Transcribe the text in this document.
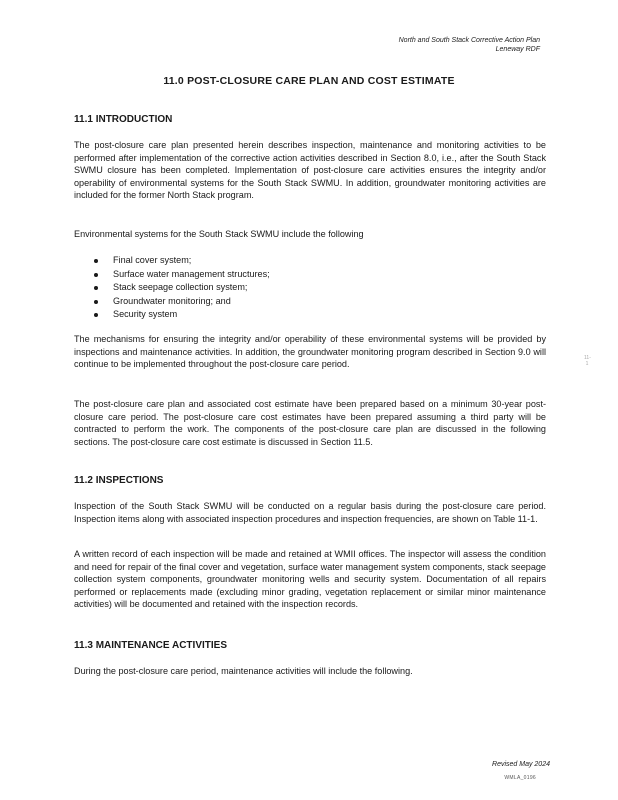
North and South Stack Corrective Action Plan
Leneway RDF
11.0 POST-CLOSURE CARE PLAN AND COST ESTIMATE
11.1 INTRODUCTION

The post-closure care plan presented herein describes inspection, maintenance and monitoring activities to be performed after implementation of the corrective action activities described in Section 8.0, i.e., after the South Stack SWMU closure has been completed. Implementation of post-closure care activities ensures the integrity and/or operability of environmental systems for the South Stack SWMU. In addition, groundwater monitoring activities are included for the former North Stack program.

Environmental systems for the South Stack SWMU include the following

Final cover system;
Surface water management structures;
Stack seepage collection system;
Groundwater monitoring; and
Security system

The mechanisms for ensuring the integrity and/or operability of these environmental systems will be provided by inspections and maintenance activities. In addition, the groundwater monitoring program described in Section 9.0 will continue to be implemented throughout the post-closure care period.

The post-closure care plan and associated cost estimate have been prepared based on a minimum 30-year post-closure care period. The post-closure care cost estimates have been prepared assuming a third party will be contracted to perform the work. The components of the post-closure care plan are discussed in the following sections. The post-closure care cost estimate is discussed in Section 11.5.

11-1
11.2 INSPECTIONS

Inspection of the South Stack SWMU will be conducted on a regular basis during the post-closure care period. Inspection items along with associated inspection procedures and inspection frequencies, are shown on Table 11-1.

A written record of each inspection will be made and retained at WMII offices. The inspector will assess the condition and need for repair of the final cover and vegetation, surface water management system components, stack seepage collection system components, groundwater monitoring wells and security system. Documentation of all repairs performed or replacements made (excluding minor grading, vegetation replacement or similar minor maintenance activities) will be documented and retained with the inspection records.

11.3 MAINTENANCE ACTIVITIES

During the post-closure care period, maintenance activities will include the following.

Revised May 2024
WMLA_0196
